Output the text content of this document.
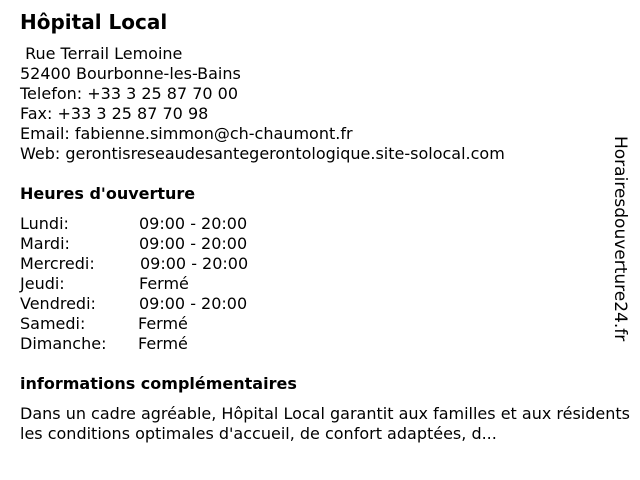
Hôpital Local
Rue Terrail Lemoine
52400 Bourbonne-les-Bains
Telefon: +33 3 25 87 70 00
Fax: +33 3 25 87 70 98
Email: fabienne.simmon@ch-chaumont.fr
Web: gerontisreseaudesantegerontologique.site-solocal.com
Heures d'ouverture
Lundi:	09:00 - 20:00
Mardi:	09:00 - 20:00
Mercredi:	09:00 - 20:00
Jeudi:	Fermé
Vendredi:	09:00 - 20:00
Samedi:	Fermé
Dimanche: Fermé
informations complémentaires
Dans un cadre agréable, Hôpital Local garantit aux familles et aux résidents les conditions optimales d'accueil, de confort adaptées, d...
Horairesdouverture24.fr
